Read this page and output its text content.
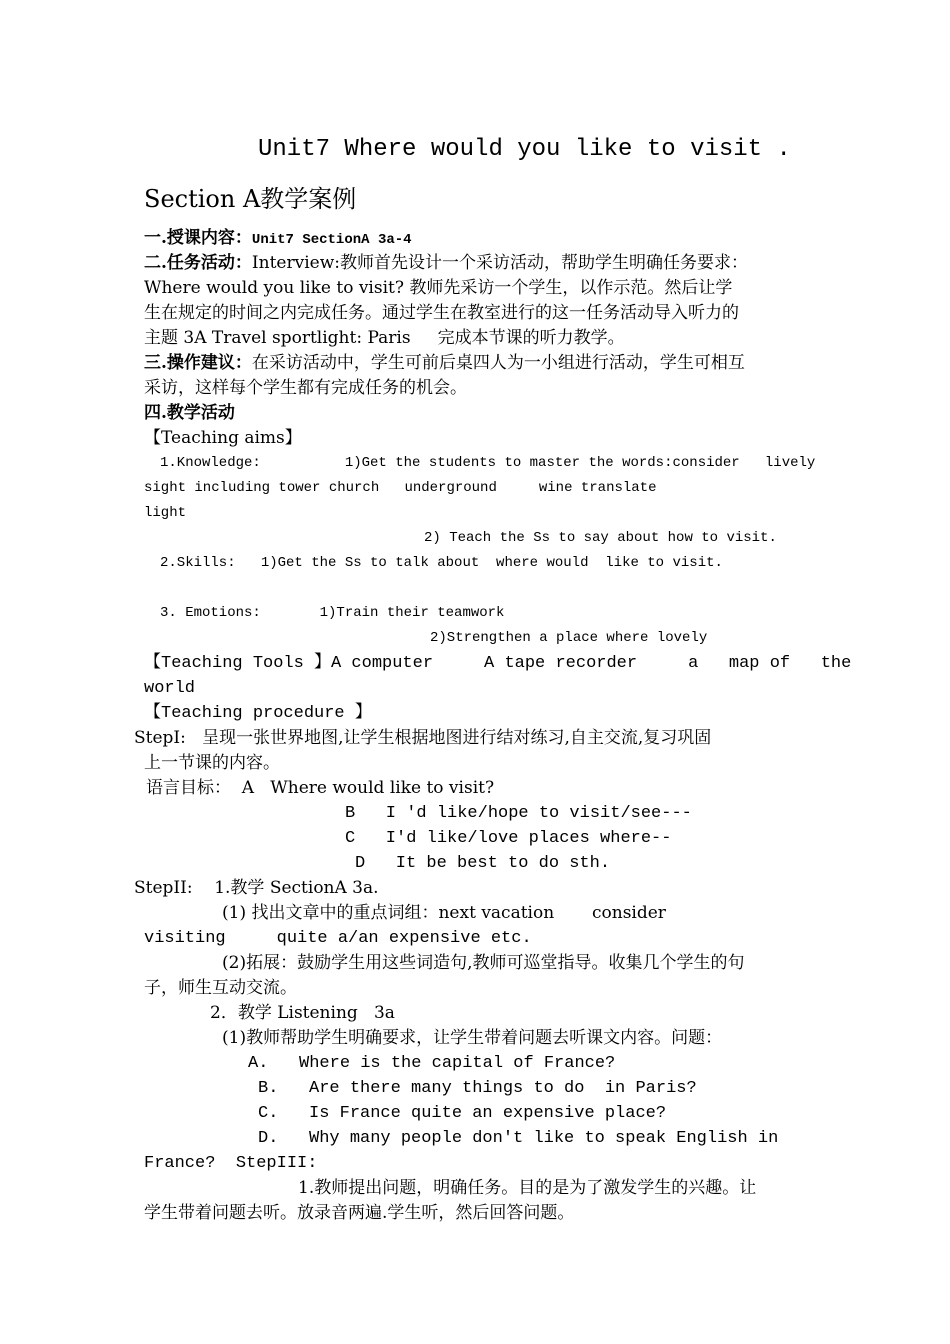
Unit7 Where would you like to visit .
Section A教学案例
一.授课内容：Unit7 SectionA 3a-4
二.任务活动：Interview:教师首先设计一个采访活动，帮助学生明确任务要求：
Where would you like to visit? 教师先采访一个学生，以作示范。然后让学
生在规定的时间之内完成任务。通过学生在教室进行的这一任务活动导入听力的
主题 3A Travel sportlight: Paris     完成本节课的听力教学。
三.操作建议：在采访活动中，学生可前后桌四人为一小组进行活动，学生可相互
采访，这样每个学生都有完成任务的机会。
四.教学活动
【Teaching aims】
1.Knowledge:          1)Get the students to master the words:consider   lively
sight including tower church   underground     wine translate
light
2) Teach the Ss to say about how to visit.
2.Skills:   1)Get the Ss to talk about  where would  like to visit.
3. Emotions:       1)Train their teamwork
2)Strengthen a place where lovely
【Teaching Tools 】A computer     A tape recorder     a   map of   the
world
【Teaching procedure 】
StepI:   呈现一张世界地图,让学生根据地图进行结对练习,自主交流,复习巩固
上一节课的内容。
语言目标：  A   Where would like to visit?
B   I 'd like/hope to visit/see---
C   I'd like/love places where--
D   It be best to do sth.
StepII:    1.教学 SectionA 3a.
(1) 找出文章中的重点词组：next vacation       consider
visiting     quite a/an expensive etc.
(2)拓展：鼓励学生用这些词造句,教师可巡堂指导。收集几个学生的句
子，师生互动交流。
2．教学 Listening   3a
(1)教师帮助学生明确要求，让学生带着问题去听课文内容。问题：
A.   Where is the capital of France?
B.   Are there many things to do  in Paris?
C.   Is France quite an expensive place?
D.   Why many people don't like to speak English in
France?  StepIII:
1.教师提出问题，明确任务。目的是为了激发学生的兴趣。让
学生带着问题去听。放录音两遍.学生听，然后回答问题。
